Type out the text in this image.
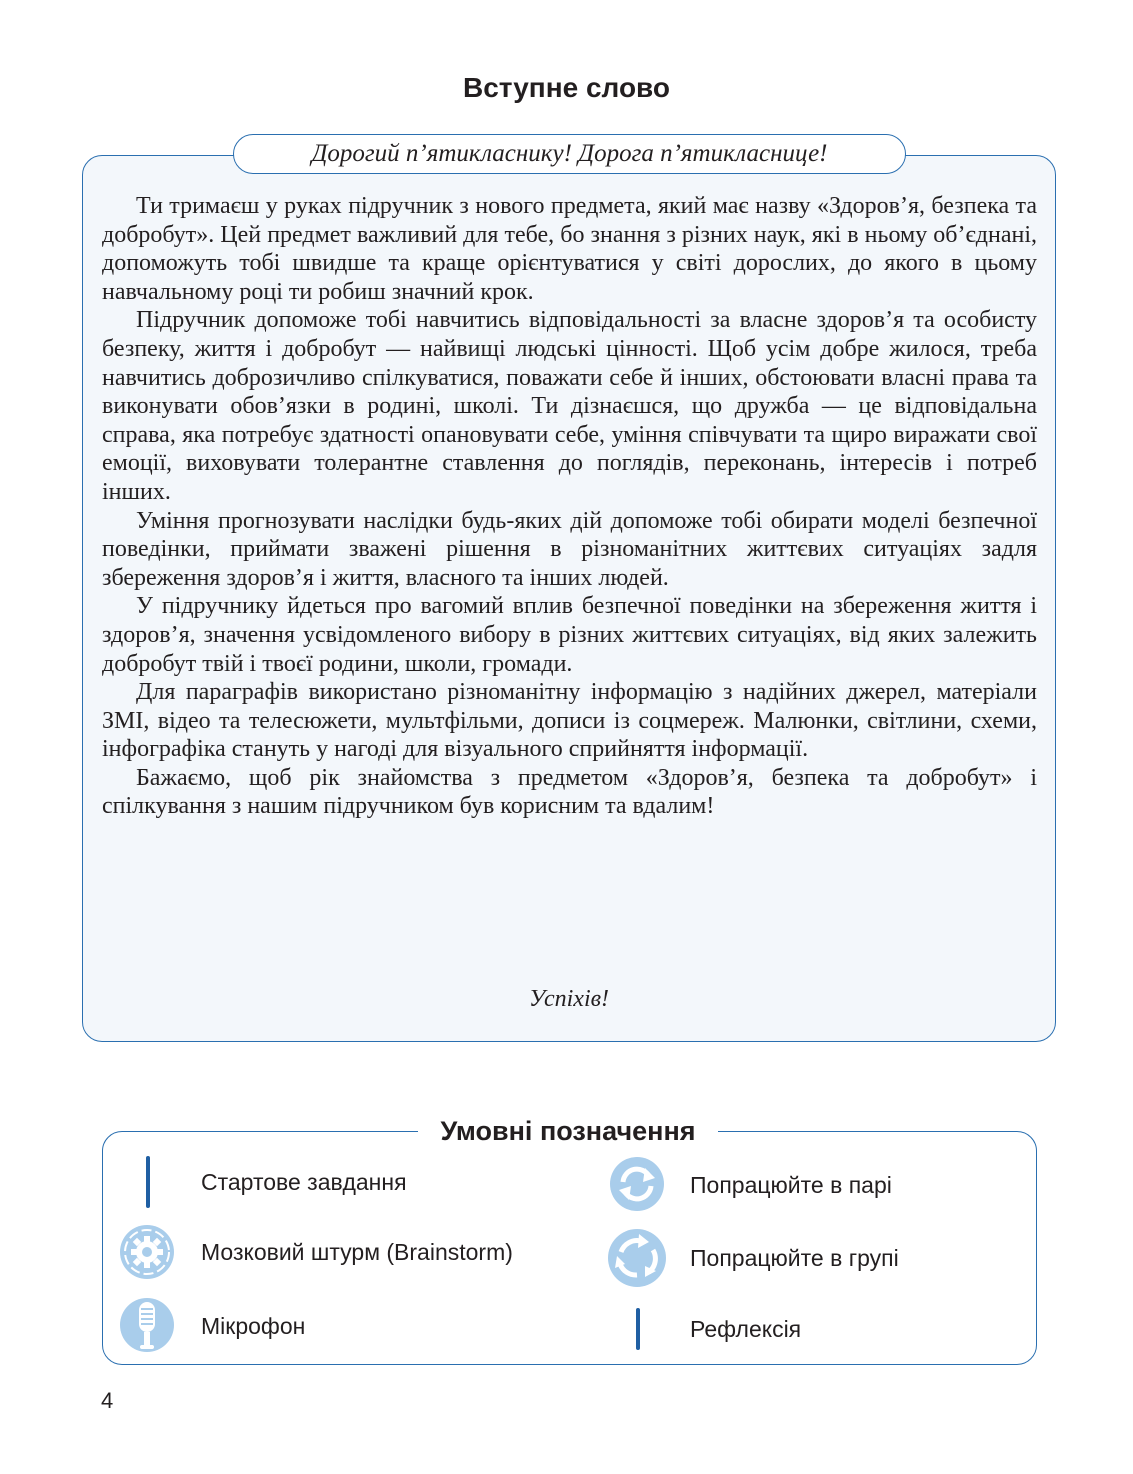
Вступне слово
Дорогий п’ятикласнику! Дорога п’ятикласнице!

Ти тримаєш у руках підручник з нового предмета, який має назву «Здоров’я, безпека та добробут». Цей предмет важливий для тебе, бо знання з різних наук, які в ньому об’єднані, допоможуть тобі швидше та краще орієнтуватися у світі дорослих, до якого в цьому навчальному році ти робиш значний крок.

Підручник допоможе тобі навчитись відповідальності за власне здоров’я та особисту безпеку, життя і добробут — найвищі людські цінності. Щоб усім добре жилося, треба навчитись доброзичливо спілкуватися, поважати себе й інших, обстоювати власні права та виконувати обов’язки в родині, школі. Ти дізнаєшся, що дружба — це відповідальна справа, яка потребує здатності опановувати себе, уміння співчувати та щиро виражати свої емоції, виховувати толерантне ставлення до поглядів, переконань, інтересів і потреб інших.

Уміння прогнозувати наслідки будь-яких дій допоможе тобі обирати моделі безпечної поведінки, приймати зважені рішення в різноманітних життєвих ситуаціях задля збереження здоров’я і життя, власного та інших людей.

У підручнику йдеться про вагомий вплив безпечної поведінки на збереження життя і здоров’я, значення усвідомленого вибору в різних життєвих ситуаціях, від яких залежить добробут твій і твоєї родини, школи, громади.

Для параграфів використано різноманітну інформацію з надійних джерел, матеріали ЗМІ, відео та телесюжети, мультфільми, дописи із соцмереж. Малюнки, світлини, схеми, інфографіка стануть у нагоді для візуального сприйняття інформації.

Бажаємо, щоб рік знайомства з предметом «Здоров’я, безпека та добробут» і спілкування з нашим підручником був корисним та вдалим!

Успіхів!
Умовні позначення
Стартове завдання
Мозковий штурм (Brainstorm)
Мікрофон
Попрацюйте в парі
Попрацюйте в групі
Рефлексія
4
